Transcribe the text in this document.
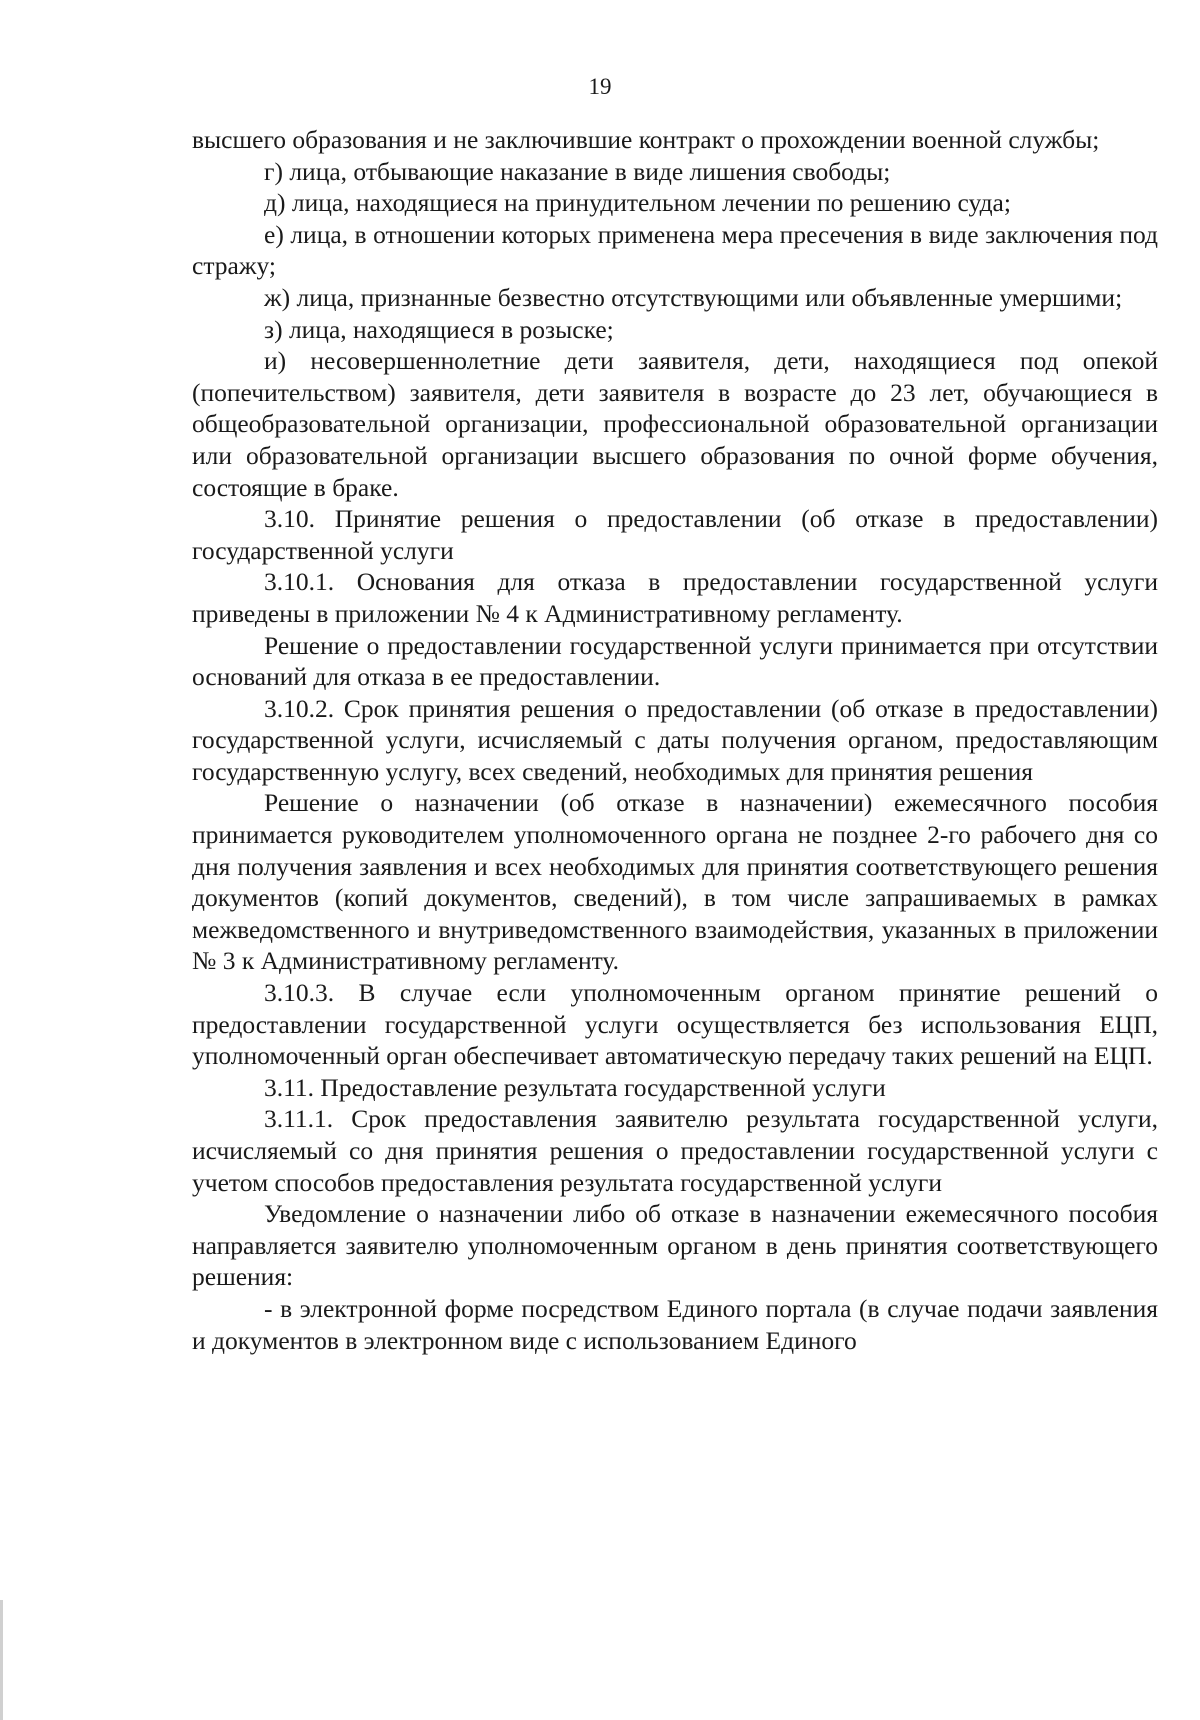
19

высшего образования и не заключившие контракт о прохождении военной службы;

г) лица, отбывающие наказание в виде лишения свободы;

д) лица, находящиеся на принудительном лечении по решению суда;

е) лица, в отношении которых применена мера пресечения в виде заключения под стражу;

ж) лица, признанные безвестно отсутствующими или объявленные умершими;

з) лица, находящиеся в розыске;

и) несовершеннолетние дети заявителя, дети, находящиеся под опекой (попечительством) заявителя, дети заявителя в возрасте до 23 лет, обучающиеся в общеобразовательной организации, профессиональной образовательной организации или образовательной организации высшего образования по очной форме обучения, состоящие в браке.

3.10. Принятие решения о предоставлении (об отказе в предоставлении) государственной услуги

3.10.1. Основания для отказа в предоставлении государственной услуги приведены в приложении № 4 к Административному регламенту.

Решение о предоставлении государственной услуги принимается при отсутствии оснований для отказа в ее предоставлении.

3.10.2. Срок принятия решения о предоставлении (об отказе в предоставлении) государственной услуги, исчисляемый с даты получения органом, предоставляющим государственную услугу, всех сведений, необходимых для принятия решения

Решение о назначении (об отказе в назначении) ежемесячного пособия принимается руководителем уполномоченного органа не позднее 2-го рабочего дня со дня получения заявления и всех необходимых для принятия соответствующего решения документов (копий документов, сведений), в том числе запрашиваемых в рамках межведомственного и внутриведомственного взаимодействия, указанных в приложении № 3 к Административному регламенту.

3.10.3. В случае если уполномоченным органом принятие решений о предоставлении государственной услуги осуществляется без использования ЕЦП, уполномоченный орган обеспечивает автоматическую передачу таких решений на ЕЦП.

3.11. Предоставление результата государственной услуги

3.11.1. Срок предоставления заявителю результата государственной услуги, исчисляемый со дня принятия решения о предоставлении государственной услуги с учетом способов предоставления результата государственной услуги

Уведомление о назначении либо об отказе в назначении ежемесячного пособия направляется заявителю уполномоченным органом в день принятия соответствующего решения:

- в электронной форме посредством Единого портала (в случае подачи заявления и документов в электронном виде с использованием Единого
